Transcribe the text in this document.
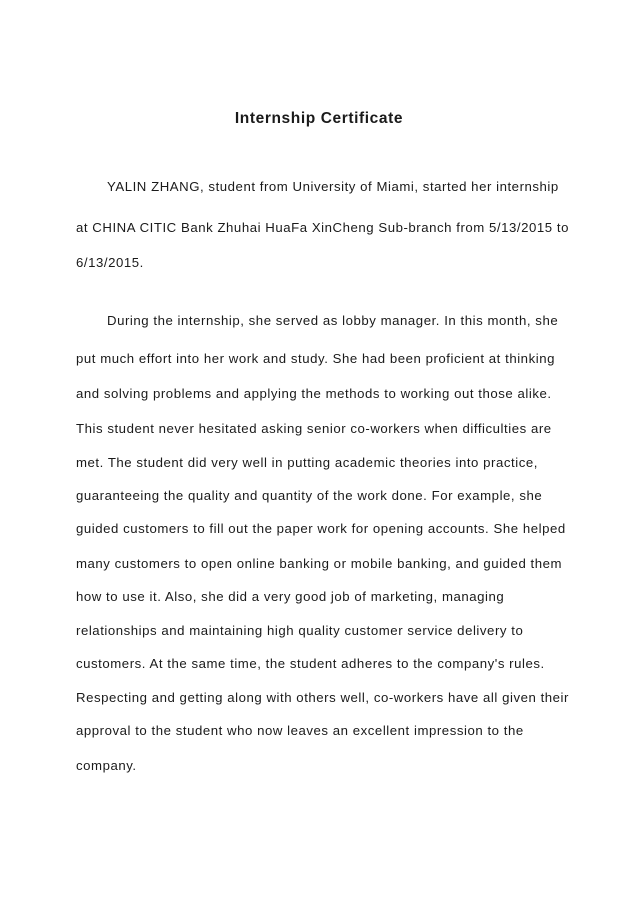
Internship Certificate
YALIN ZHANG, student from University of Miami, started her internship
at CHINA CITIC Bank Zhuhai HuaFa XinCheng Sub-branch from 5/13/2015 to
6/13/2015.
During the internship, she served as lobby manager. In this month, she
put much effort into her work and study. She had been proficient at thinking
and solving problems and applying the methods to working out those alike.
This student never hesitated asking senior co-workers when difficulties are
met. The student did very well in putting academic theories into practice,
guaranteeing the quality and quantity of the work done. For example, she
guided customers to fill out the paper work for opening accounts. She helped
many customers to open online banking or mobile banking, and guided them
how to use it. Also, she did a very good job of marketing, managing
relationships and maintaining high quality customer service delivery to
customers. At the same time, the student adheres to the company's rules.
Respecting and getting along with others well, co-workers have all given their
approval to the student who now leaves an excellent impression to the
company.
